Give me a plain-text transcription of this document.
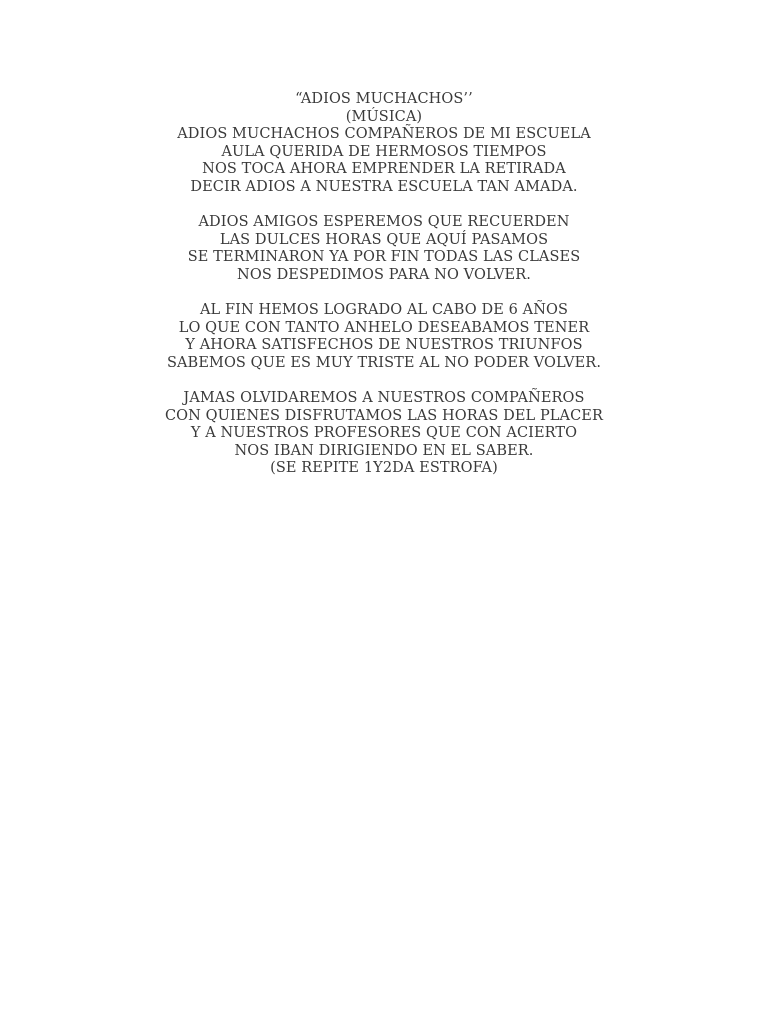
“ADIOS MUCHACHOS’’
(MÚSICA)
ADIOS MUCHACHOS COMPAÑEROS DE MI ESCUELA
AULA QUERIDA DE HERMOSOS TIEMPOS
NOS TOCA AHORA EMPRENDER LA RETIRADA
DECIR ADIOS A NUESTRA ESCUELA TAN AMADA.
ADIOS AMIGOS ESPEREMOS QUE RECUERDEN
LAS DULCES HORAS QUE AQUÍ PASAMOS
SE TERMINARON YA POR FIN TODAS LAS CLASES
NOS DESPEDIMOS PARA NO VOLVER.
AL FIN HEMOS LOGRADO AL CABO DE 6 AÑOS
LO QUE CON TANTO ANHELO DESEABAMOS TENER
Y AHORA SATISFECHOS DE NUESTROS TRIUNFOS
SABEMOS QUE ES MUY TRISTE AL NO PODER VOLVER.
JAMAS OLVIDAREMOS A NUESTROS COMPAÑEROS
CON QUIENES DISFRUTAMOS LAS HORAS DEL PLACER
Y A NUESTROS PROFESORES QUE CON ACIERTO
NOS IBAN DIRIGIENDO EN EL SABER.
(SE REPITE 1Y2DA ESTROFA)
